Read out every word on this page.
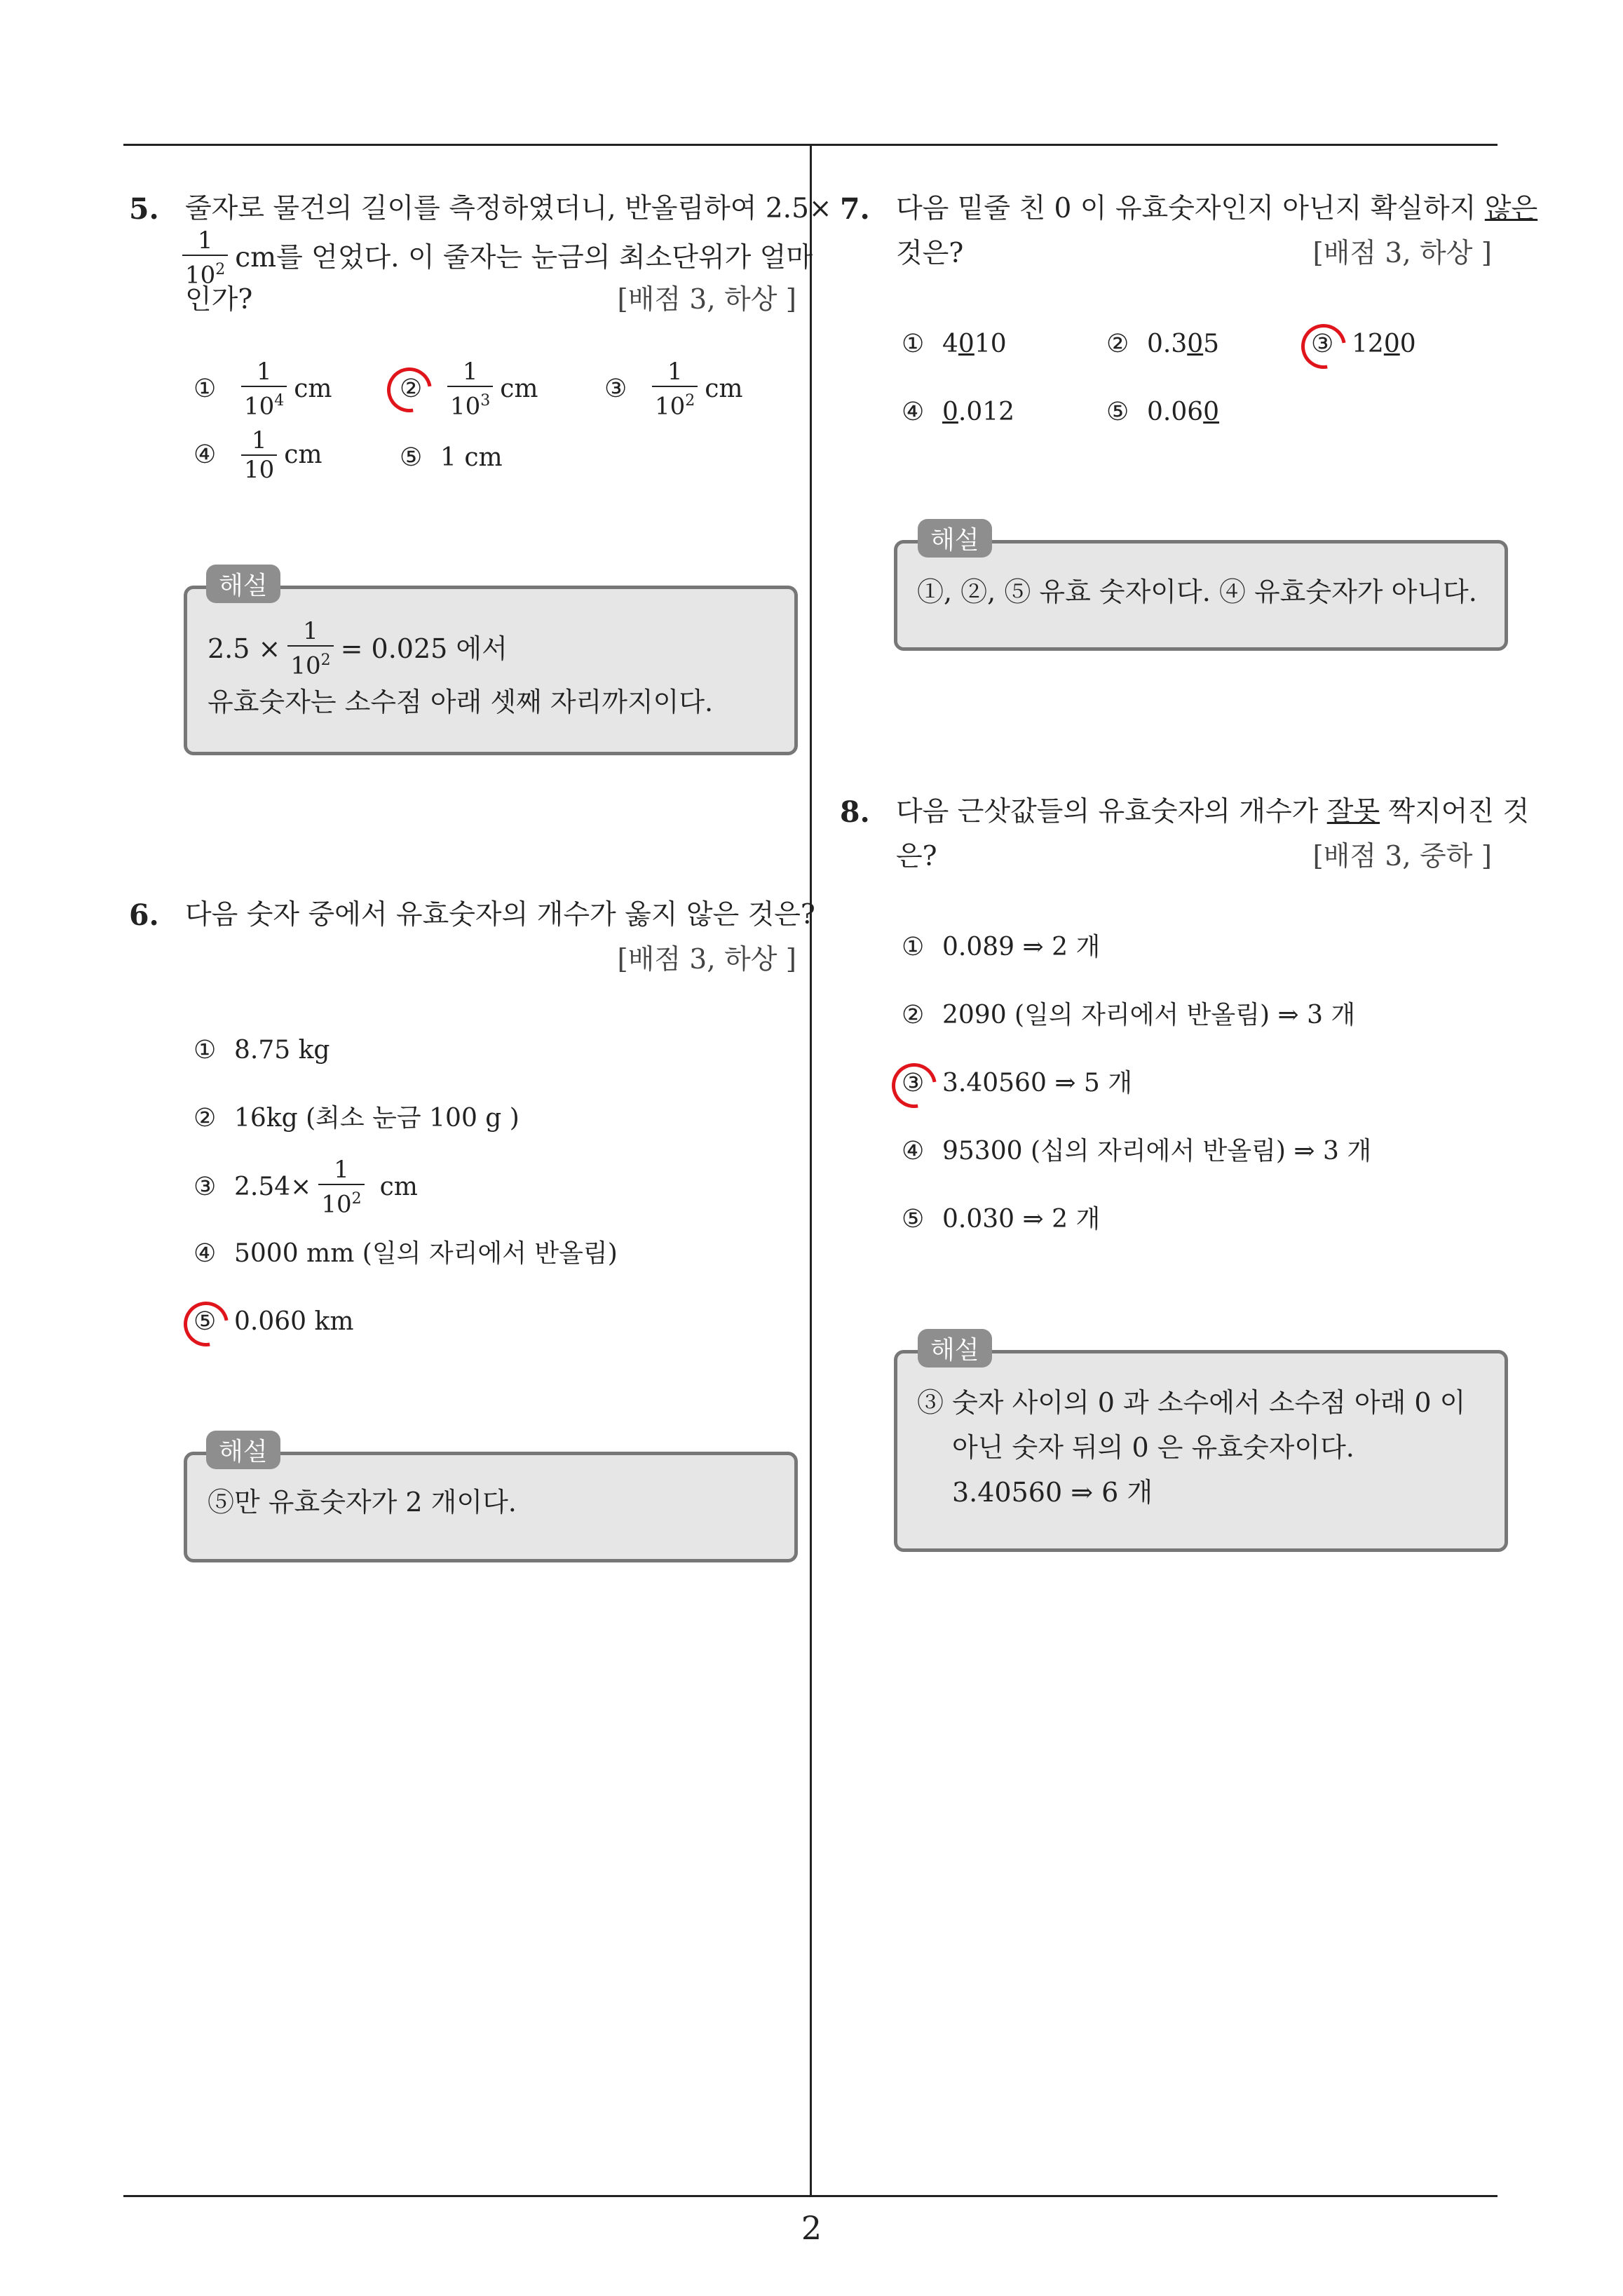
5. 줄자로 물건의 길이를 측정하였더니, 반올림하여 2.5×
$\frac{1}{10^2}$ cm를 얻었다. 이 줄자는 눈금의 최소단위가 얼마
인가?	[배점 3, 하상 ]
①	$\frac{1}{10^4}$ cm	②	$\frac{1}{10^3}$ cm	③	$\frac{1}{10^2}$ cm
④	$\frac{1}{10}$ cm	⑤ 1 cm
해설
$2.5 \times \frac{1}{10^2} = 0.025$ 에서
유효숫자는 소수점 아래 셋째 자리까지이다.
6. 다음 숫자 중에서 유효숫자의 개수가 옳지 않은 것은?
[배점 3, 하상 ]
① 8.75 kg
② 16kg (최소 눈금 100 g )
③ $2.54\times \frac{1}{10^2}$ cm
④ 5000 mm (일의 자리에서 반올림)
⑤ 0.060 km
해설
⑤만 유효숫자가 2 개이다.
7. 다음 밑줄 친 0 이 유효숫자인지 아닌지 확실하지 않은
것은?	[배점 3, 하상 ]
① 4010	② 0.305	③ 1200
④ 0.012	⑤ 0.060
해설
①, ②, ⑤ 유효 숫자이다. ④ 유효숫자가 아니다.
8. 다음 근삿값들의 유효숫자의 개수가 잘못 짝지어진 것
은?	[배점 3, 중하 ]
① 0.089 ⇒ 2 개
② 2090 (일의 자리에서 반올림) ⇒ 3 개
③ 3.40560 ⇒ 5 개
④ 95300 (십의 자리에서 반올림) ⇒ 3 개
⑤ 0.030 ⇒ 2 개
해설
③ 숫자 사이의 0 과 소수에서 소수점 아래 0 이
아닌 숫자 뒤의 0 은 유효숫자이다.
3.40560 ⇒ 6 개
2
